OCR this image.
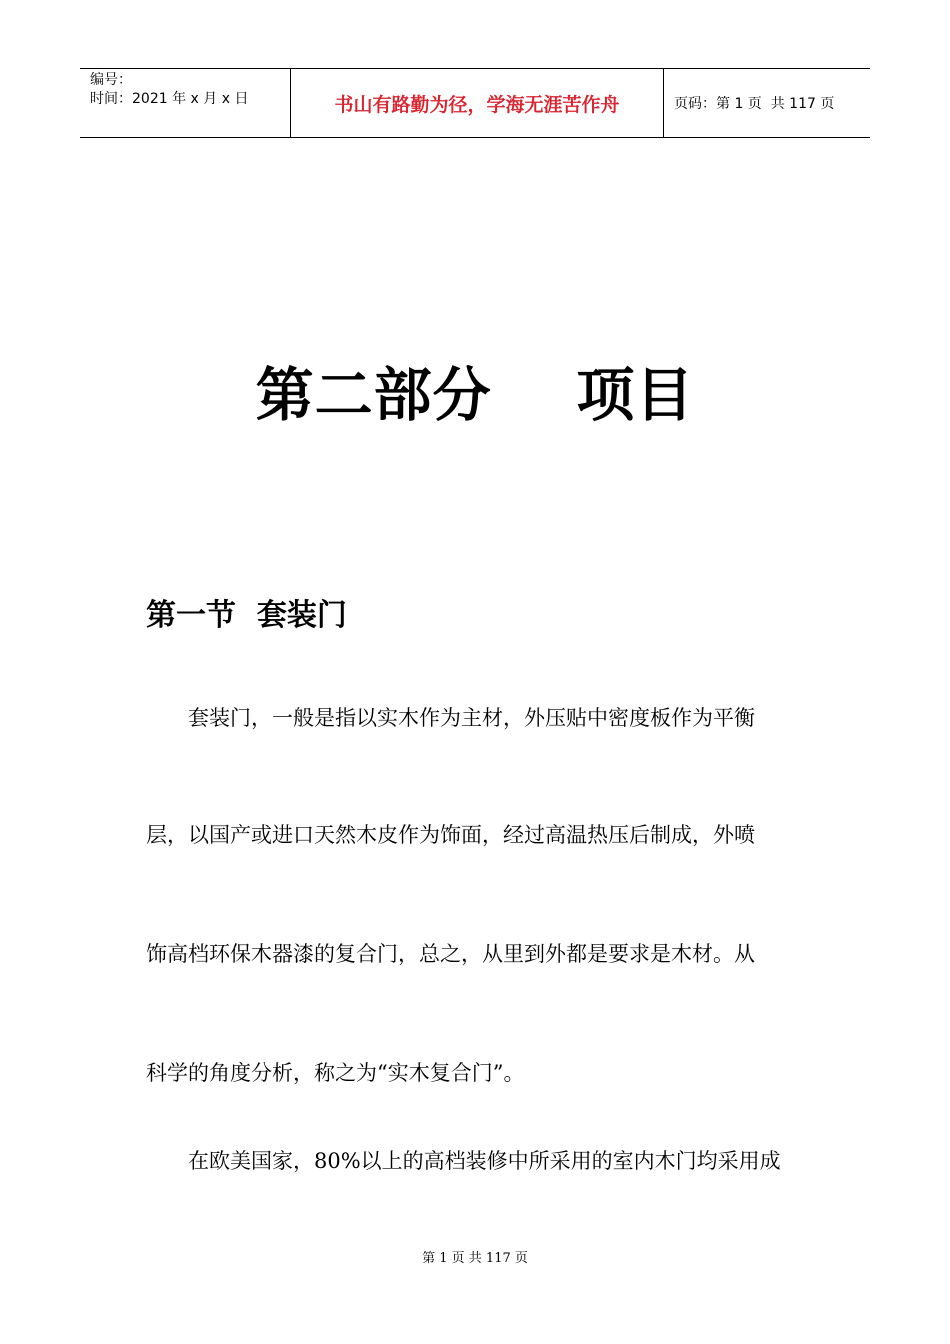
编号：
时间：2021 年 x 月 x 日	书山有路勤为径，学海无涯苦作舟	页码：第 1 页  共 117 页
第二部分    项目
第一节  套装门
套装门，一般是指以实木作为主材，外压贴中密度板作为平衡
层，以国产或进口天然木皮作为饰面，经过高温热压后制成，外喷
饰高档环保木器漆的复合门，总之，从里到外都是要求是木材。从
科学的角度分析，称之为“实木复合门”。
在欧美国家，80%以上的高档装修中所采用的室内木门均采用成
第 1 页 共 117 页
